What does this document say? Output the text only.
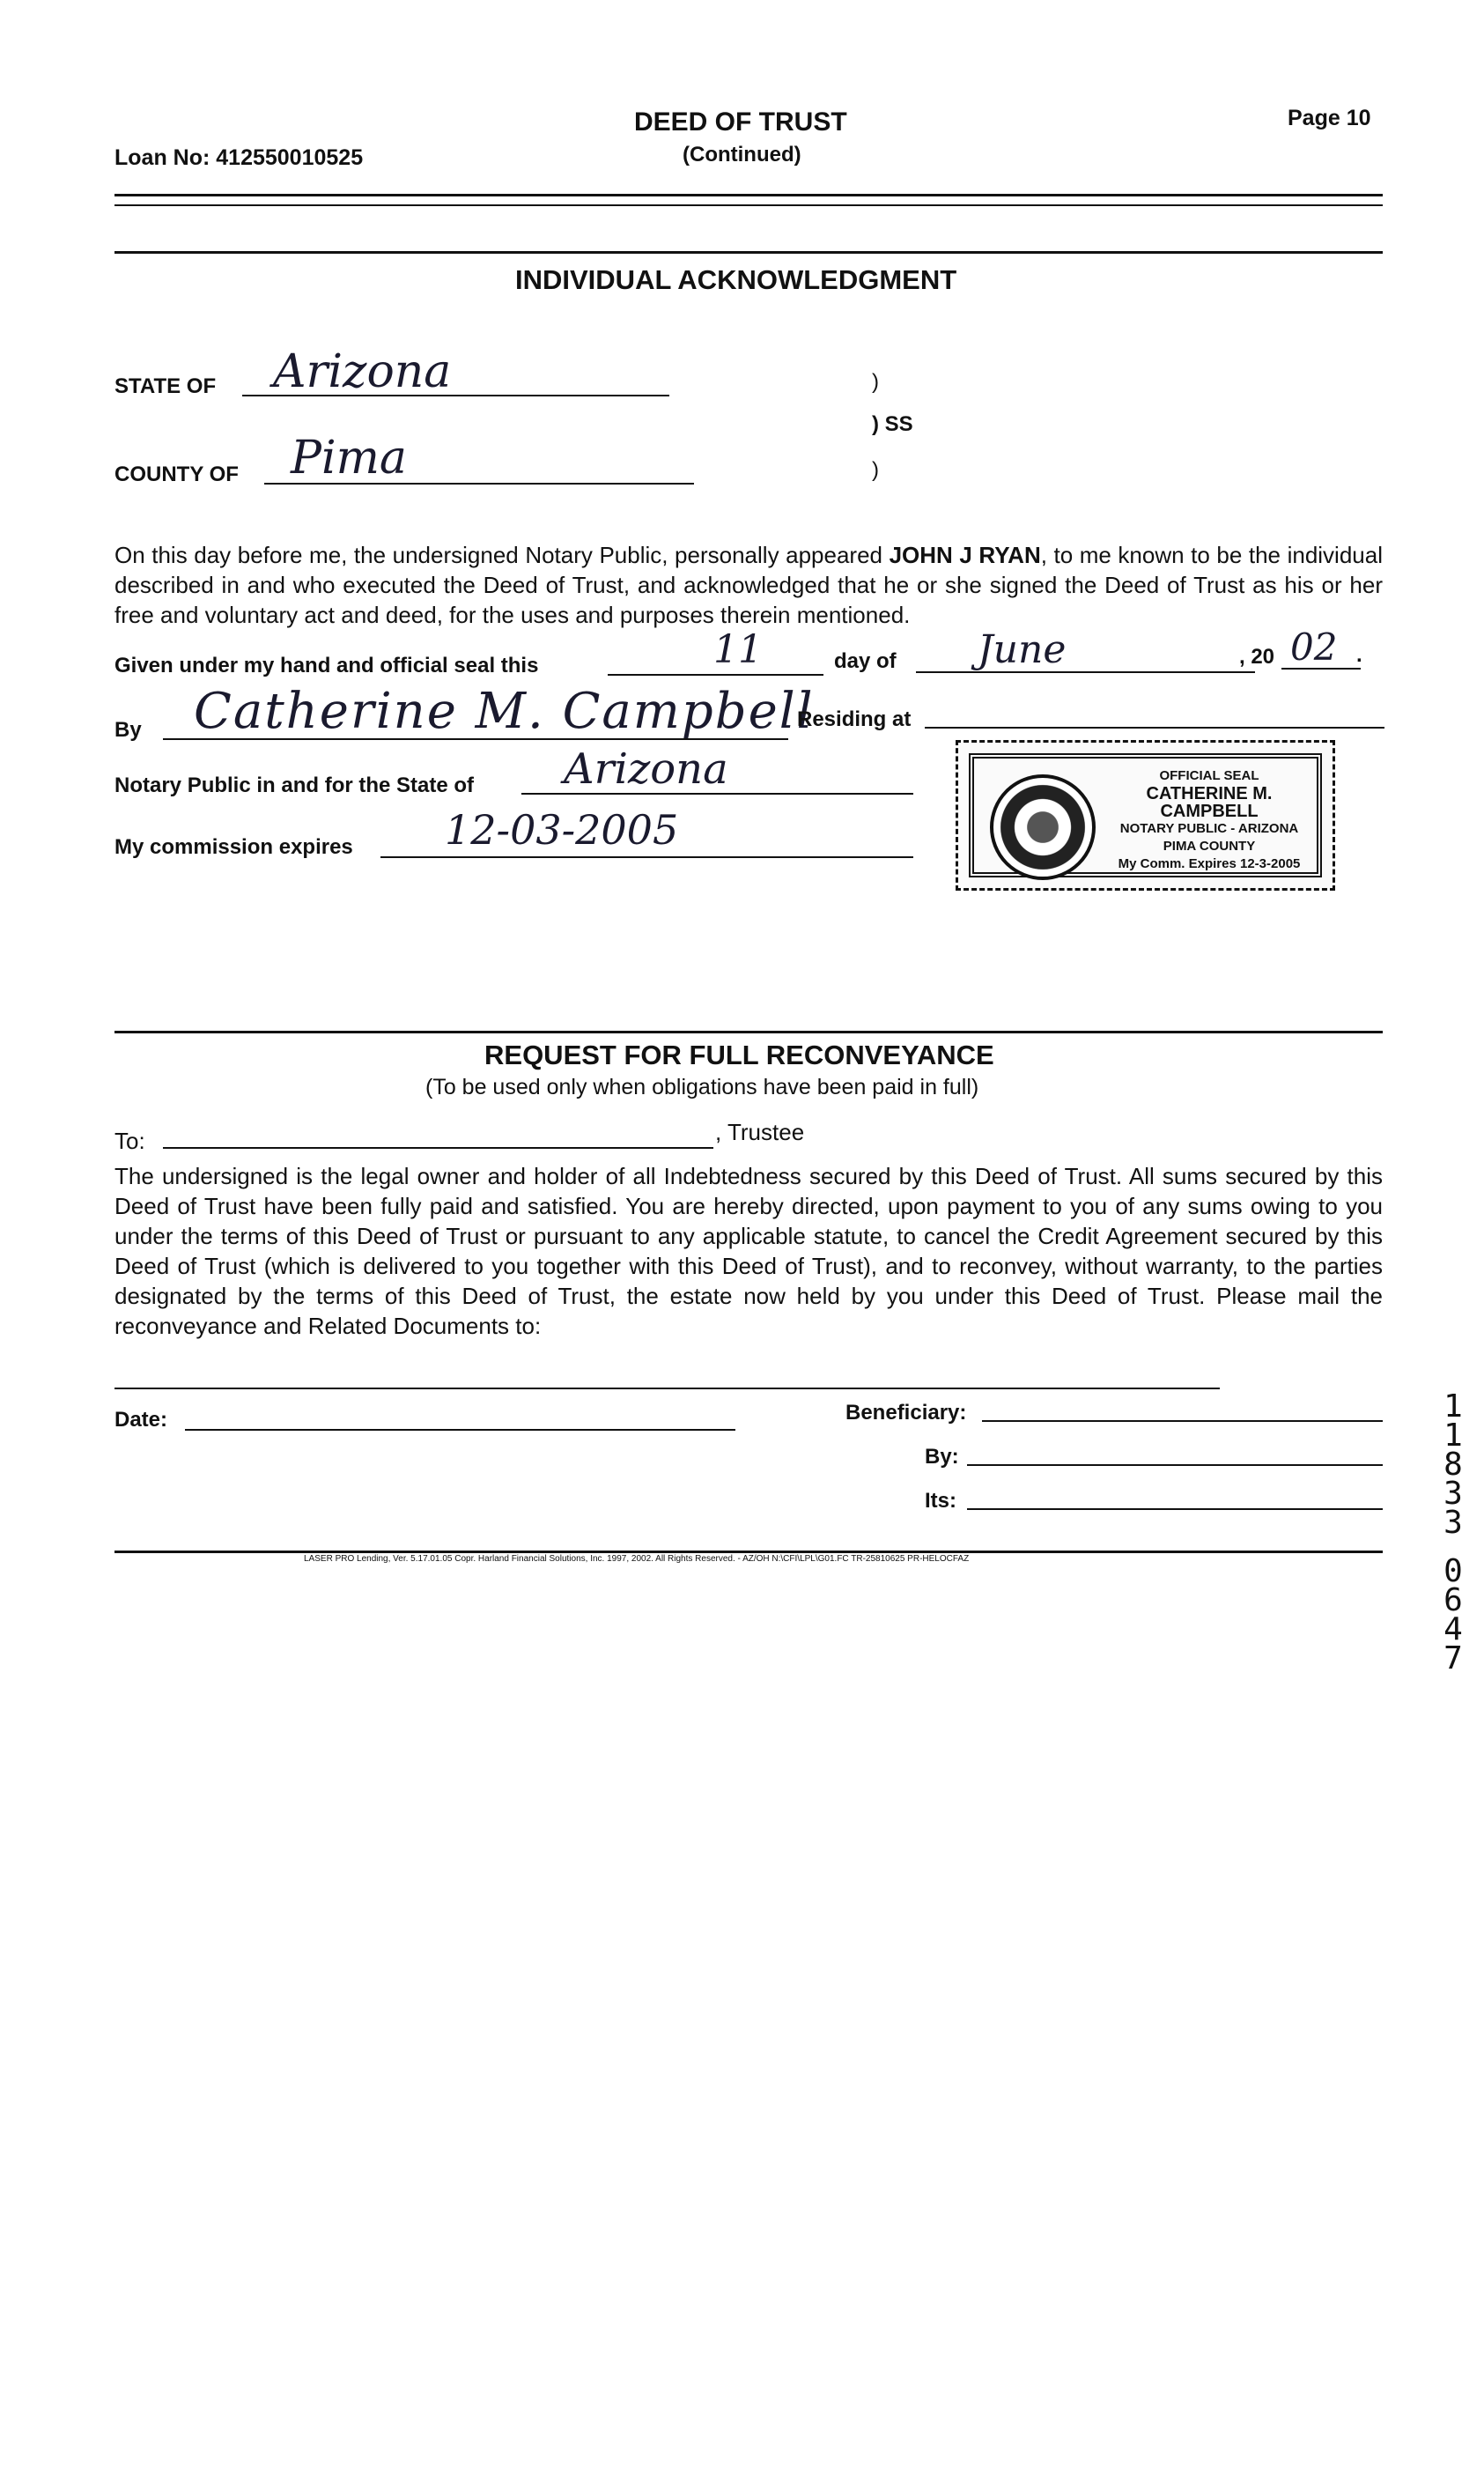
Loan No: 412550010525
DEED OF TRUST
(Continued)
Page 10
INDIVIDUAL ACKNOWLEDGMENT
STATE OF Arizona	)
) SS
)
COUNTY OF Pima
On this day before me, the undersigned Notary Public, personally appeared JOHN J RYAN, to me known to be the individual described in and who executed the Deed of Trust, and acknowledged that he or she signed the Deed of Trust as his or her free and voluntary act and deed, for the uses and purposes therein mentioned.
Given under my hand and official seal this	11	day of June	, 20 02 .
By Catherine M. Campbell
Residing at
Notary Public in and for the State of Arizona
My commission expires 12-03-2005
OFFICIAL SEAL
CATHERINE M. CAMPBELL
NOTARY PUBLIC - ARIZONA
PIMA COUNTY
My Comm. Expires 12-3-2005
REQUEST FOR FULL RECONVEYANCE
(To be used only when obligations have been paid in full)
To:	, Trustee
The undersigned is the legal owner and holder of all Indebtedness secured by this Deed of Trust. All sums secured by this Deed of Trust have been fully paid and satisfied. You are hereby directed, upon payment to you of any sums owing to you under the terms of this Deed of Trust or pursuant to any applicable statute, to cancel the Credit Agreement secured by this Deed of Trust (which is delivered to you together with this Deed of Trust), and to reconvey, without warranty, to the parties designated by the terms of this Deed of Trust, the estate now held by you under this Deed of Trust. Please mail the reconveyance and Related Documents to:
Date:	Beneficiary:
By:
Its:
LASER PRO Lending, Ver. 5.17.01.05 Copr. Harland Financial Solutions, Inc. 1997, 2002. All Rights Reserved. - AZ/OH N:\CFI\LPL\G01.FC TR-25810625 PR-HELOCFAZ
1
1
8
3
3
0
6
4
7
